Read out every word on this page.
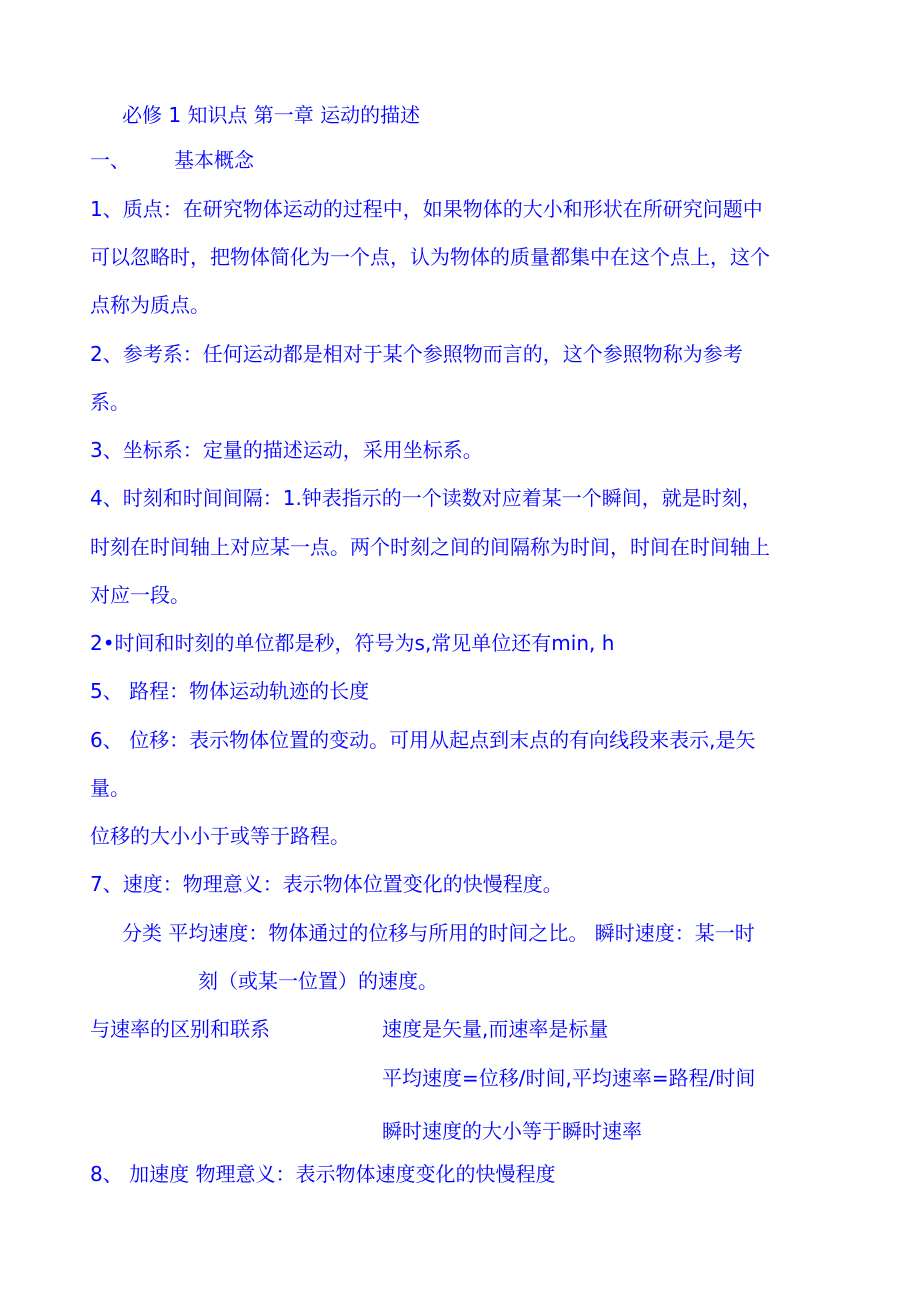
必修 1 知识点 第一章 运动的描述
一、 基本概念
1、质点：在研究物体运动的过程中，如果物体的大小和形状在所研究问题中
可以忽略时，把物体简化为一个点，认为物体的质量都集中在这个点上，这个
点称为质点。
2、参考系：任何运动都是相对于某个参照物而言的，这个参照物称为参考
系。
3、坐标系：定量的描述运动，采用坐标系。
4、时刻和时间间隔：1.钟表指示的一个读数对应着某一个瞬间，就是时刻，
时刻在时间轴上对应某一点。两个时刻之间的间隔称为时间，时间在时间轴上
对应一段。
2•时间和时刻的单位都是秒，符号为s,常见单位还有min, h
5、 路程：物体运动轨迹的长度
6、 位移：表示物体位置的变动。可用从起点到末点的有向线段来表示,是矢
量。
位移的大小小于或等于路程。
7、速度：物理意义：表示物体位置变化的快慢程度。
分类 平均速度：物体通过的位移与所用的时间之比。 瞬时速度：某一时
刻（或某一位置）的速度。
与速率的区别和联系	速度是矢量,而速率是标量
平均速度=位移/时间,平均速率=路程/时间
瞬时速度的大小等于瞬时速率
8、 加速度 物理意义：表示物体速度变化的快慢程度
